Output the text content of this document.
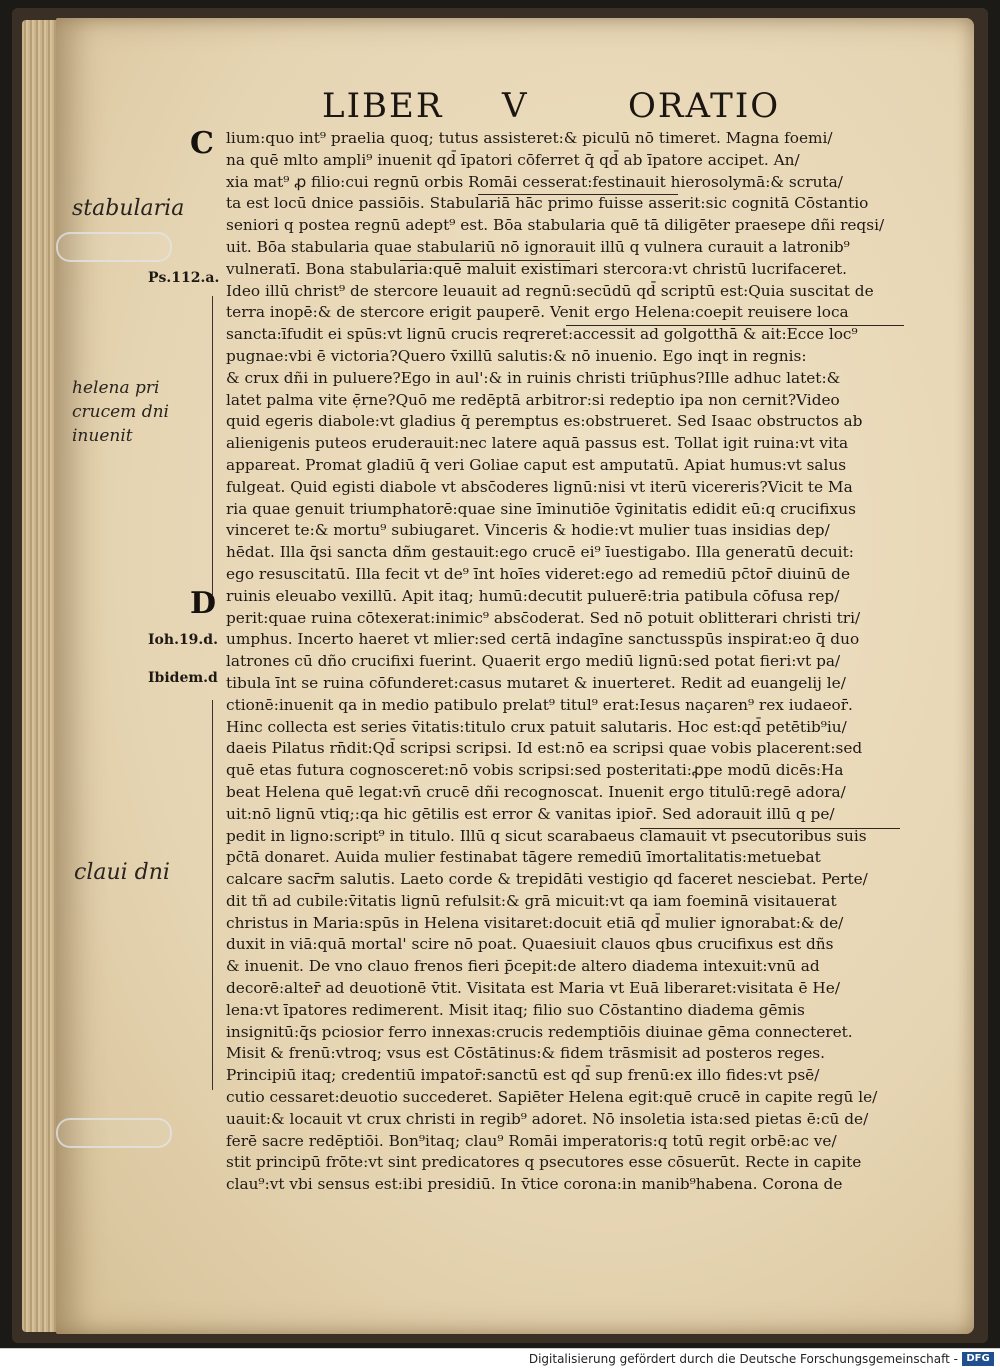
LIBER V	ORATIO
C
D
Ps.112.a.
Ioh.19.d.
Ibidem.d
stabularia
helena pri
crucem dni
inuenit
claui dni
lium:quo int⁹ praelia quoq; tutus assisteret:& piculū nō timeret. Magna foemi/
na quē mlto ampli⁹ inuenit qd̄ īpatori cōferret q̄ qd̄ ab īpatore accipet. An/
xia mat⁹ ꝓ filio:cui regnū orbis Romāi cesserat:festinauit hierosolymā:& scruta/
ta est locū dnice passiōis. Stabulariā hāc primo fuisse asserit:sic cognitā Cōstantio
seniori q postea regnū adept⁹ est. Bōa stabularia quē tā diligēter praesepe dñi reqsi/
uit. Bōa stabularia quae stabulariū nō ignorauit illū q vulnera curauit a latronib⁹
vulneratī. Bona stabularia:quē maluit existimari stercora:vt christū lucrifaceret.
Ideo illū christ⁹ de stercore leuauit ad regnū:secūdū qd̄ scriptū est:Quia suscitat de
terra inopē:& de stercore erigit pauperē. Venit ergo Helena:coepit reuisere loca
sancta:īfudit ei spūs:vt lignū crucis reqreret:accessit ad golgotthā & ait:Ecce loc⁹
pugnae:vbi ē victoria?Quero v̄xillū salutis:& nō inuenio. Ego inqt in regnis:
& crux dñi in puluere?Ego in aul':& in ruinis christi triūphus?Ille adhuc latet:&
latet palma vite ẹ̄rne?Quō me redēptā arbitror:si redeptio ipa non cernit?Video
quid egeris diabole:vt gladius q̄ peremptus es:obstrueret. Sed Isaac obstructos ab
alienigenis puteos eruderauit:nec latere aquā passus est. Tollat igit ruina:vt vita
appareat. Promat gladiū q̄ veri Goliae caput est amputatū. Apiat humus:vt salus
fulgeat. Quid egisti diabole vt absc̄oderes lignū:nisi vt iterū vicereris?Vicit te Ma
ria quae genuit triumphatorē:quae sine īminutiōe v̄ginitatis edidit eū:q crucifixus
vinceret te:& mortu⁹ subiugaret. Vinceris & hodie:vt mulier tuas insidias dep/
hēdat. Illa q̄si sancta dñm gestauit:ego crucē ei⁹ īuestigabo. Illa generatū decuit:
ego resuscitatū. Illa fecit vt de⁹ īnt hoīes videret:ego ad remediū pc̄tor̄ diuinū de
ruinis eleuabo vexillū. Apit itaq; humū:decutit puluerē:tria patibula cōfusa rep/
perit:quae ruina cōtexerat:inimic⁹ absc̄oderat. Sed nō potuit oblitterari christi tri/
umphus. Incerto haeret vt mlier:sed certā indagīne sanctusspūs inspirat:eo q̄ duo
latrones cū dño crucifixi fuerint. Quaerit ergo mediū lignū:sed potat fieri:vt pa/
tibula īnt se ruina cōfunderet:casus mutaret & inuerteret. Redit ad euangelij le/
ctionē:inuenit qa in medio patibulo prelat⁹ titul⁹ erat:Iesus naçaren⁹ rex iudaeor̄.
Hinc collecta est series v̄itatis:titulo crux patuit salutaris. Hoc est:qd̄ petētib⁹iu/
daeis Pilatus rn̄dit:Qd̄ scripsi scripsi. Id est:nō ea scripsi quae vobis placerent:sed
quē etas futura cognosceret:nō vobis scripsi:sed posteritati:ꝓpe modū dicēs:Ha
beat Helena quē legat:vn̄ crucē dñi recognoscat. Inuenit ergo titulū:regē adora/
uit:nō lignū vtiq;:qa hic gētilis est error & vanitas ipior̄. Sed adorauit illū q pe/
pedit in ligno:script⁹ in titulo. Illū q sicut scarabaeus clamauit vt psecutoribus suis
pc̄tā donaret. Auida mulier festinabat tāgere remediū īmortalitatis:metuebat
calcare sacr̄m salutis. Laeto corde & trepidāti vestigio qd faceret nesciebat. Perte/
dit tñ ad cubile:v̄itatis lignū refulsit:& grā micuit:vt qa iam foeminā visitauerat
christus in Maria:spūs in Helena visitaret:docuit etiā qd̄ mulier ignorabat:& de/
duxit in viā:quā mortal' scire nō poat. Quaesiuit clauos qbus crucifixus est dñs
& inuenit. De vno clauo frenos fieri p̄cepit:de altero diadema intexuit:vnū ad
decorē:alter̄ ad deuotionē v̄tit. Visitata est Maria vt Euā liberaret:visitata ē He/
lena:vt īpatores redimerent. Misit itaq; filio suo Cōstantino diadema gēmis
insignitū:q̄s pciosior ferro innexas:crucis redemptiōis diuinae gēma connecteret.
Misit & frenū:vtroq; vsus est Cōstātinus:& fidem trāsmisit ad posteros reges.
Principiū itaq; credentiū impator̄:sanctū est qd̄ sup frenū:ex illo fides:vt psē/
cutio cessaret:deuotio succederet. Sapiēter Helena egit:quē crucē in capite regū le/
uauit:& locauit vt crux christi in regib⁹ adoret. Nō insoletia ista:sed pietas ē:cū de/
ferē sacre redēptiōi. Bon⁹itaq; clau⁹ Romāi imperatoris:q totū regit orbē:ac ve/
stit principū frōte:vt sint predicatores q psecutores esse cōsuerūt. Recte in capite
clau⁹:vt vbi sensus est:ibi presidiū. In v̄tice corona:in manib⁹habena. Corona de
Digitalisierung gefördert durch die Deutsche Forschungsgemeinschaft - DFG
